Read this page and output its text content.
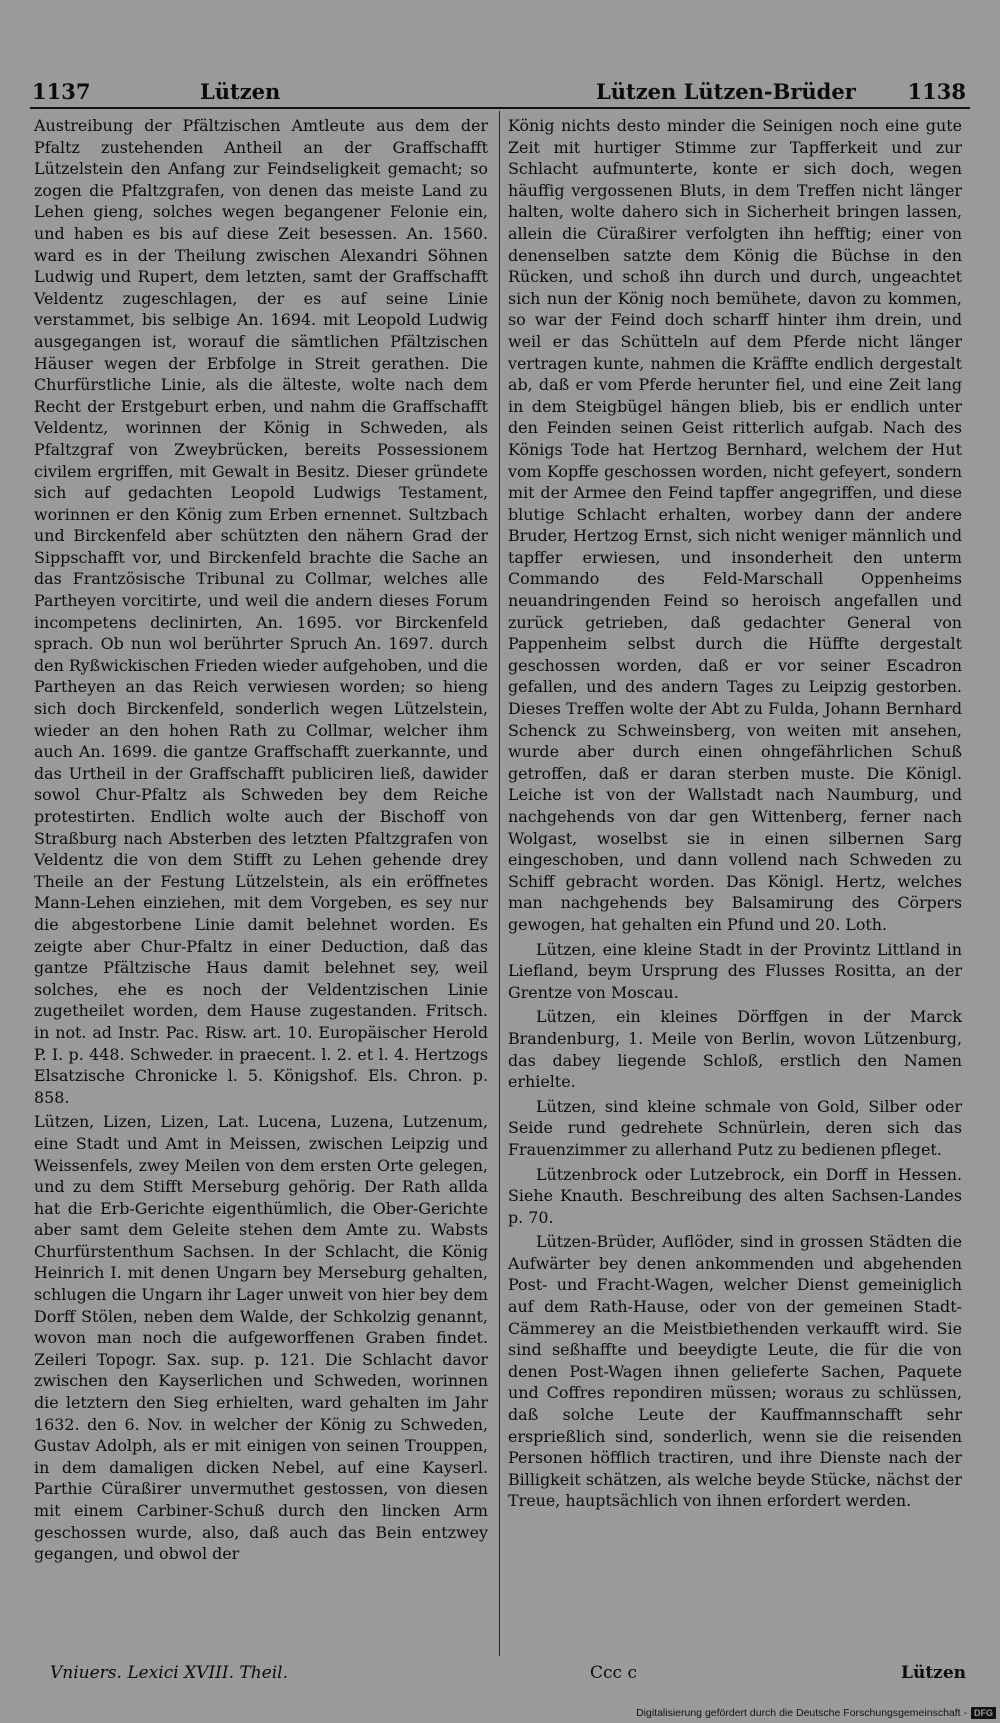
1137	Lützen	Lützen Lützen-Brüder 1138

Austreibung der Pfältzischen Amtleute aus dem der Pfaltz zustehenden Antheil an der Graffschafft Lützelstein den Anfang zur Feindseligkeit gemacht; so zogen die Pfaltzgrafen, von denen das meiste Land zu Lehen gieng, solches wegen begangener Felonie ein, und haben es bis auf diese Zeit besessen. An. 1560. ward es in der Theilung zwischen Alexandri Söhnen Ludwig und Rupert, dem letzten, samt der Graffschafft Veldentz zugeschlagen, der es auf seine Linie verstammet, bis selbige An. 1694. mit Leopold Ludwig ausgegangen ist, worauf die sämtlichen Pfältzischen Häuser wegen der Erbfolge in Streit gerathen. Die Churfürstliche Linie, als die älteste, wolte nach dem Recht der Erstgeburt erben, und nahm die Graffschafft Veldentz, worinnen der König in Schweden, als Pfaltzgraf von Zweybrücken, bereits Possessionem civilem ergriffen, mit Gewalt in Besitz. Dieser gründete sich auf gedachten Leopold Ludwigs Testament, worinnen er den König zum Erben ernennet. Sultzbach und Birckenfeld aber schützten den nähern Grad der Sippschafft vor, und Birckenfeld brachte die Sache an das Frantzösische Tribunal zu Collmar, welches alle Partheyen vorcitirte, und weil die andern dieses Forum incompetens declinirten, An. 1695. vor Birckenfeld sprach. Ob nun wol berührter Spruch An. 1697. durch den Ryßwickischen Frieden wieder aufgehoben, und die Partheyen an das Reich verwiesen worden; so hieng sich doch Birckenfeld, sonderlich wegen Lützelstein, wieder an den hohen Rath zu Collmar, welcher ihm auch An. 1699. die gantze Graffschafft zuerkannte, und das Urtheil in der Graffschafft publiciren ließ, dawider sowol Chur-Pfaltz als Schweden bey dem Reiche protestirten. Endlich wolte auch der Bischoff von Straßburg nach Absterben des letzten Pfaltzgrafen von Veldentz die von dem Stifft zu Lehen gehende drey Theile an der Festung Lützelstein, als ein eröffnetes Mann-Lehen einziehen, mit dem Vorgeben, es sey nur die abgestorbene Linie damit belehnet worden. Es zeigte aber Chur-Pfaltz in einer Deduction, daß das gantze Pfältzische Haus damit belehnet sey, weil solches, ehe es noch der Veldentzischen Linie zugetheilet worden, dem Hause zugestanden. Fritsch. in not. ad Instr. Pac. Risw. art. 10. Europäischer Herold P. I. p. 448. Schweder. in praecent. l. 2. et l. 4. Hertzogs Elsatzische Chronicke l. 5. Königshof. Els. Chron. p. 858.

Lützen, Lizen, Lizen, Lat. Lucena, Luzena, Lutzenum, eine Stadt und Amt in Meissen, zwischen Leipzig und Weissenfels, zwey Meilen von dem ersten Orte gelegen, und zu dem Stifft Merseburg gehörig. Der Rath allda hat die Erb-Gerichte eigenthümlich, die Ober-Gerichte aber samt dem Geleite stehen dem Amte zu. Wabsts Churfürstenthum Sachsen. In der Schlacht, die König Heinrich I. mit denen Ungarn bey Merseburg gehalten, schlugen die Ungarn ihr Lager unweit von hier bey dem Dorff Stölen, neben dem Walde, der Schkolzig genannt, wovon man noch die aufgeworffenen Graben findet. Zeileri Topogr. Sax. sup. p. 121. Die Schlacht davor zwischen den Kayserlichen und Schweden, worinnen die letztern den Sieg erhielten, ward gehalten im Jahr 1632. den 6. Nov. in welcher der König zu Schweden, Gustav Adolph, als er mit einigen von seinen Trouppen, in dem damaligen dicken Nebel, auf eine Kayserl. Parthie Cüraßirer unvermuthet gestossen, von diesen mit einem Carbiner-Schuß durch den lincken Arm geschossen wurde, also, daß auch das Bein entzwey gegangen, und obwol der

König nichts desto minder die Seinigen noch eine gute Zeit mit hurtiger Stimme zur Tapfferkeit und zur Schlacht aufmunterte, konte er sich doch, wegen häuffig vergossenen Bluts, in dem Treffen nicht länger halten, wolte dahero sich in Sicherheit bringen lassen, allein die Cüraßirer verfolgten ihn hefftig; einer von denenselben satzte dem König die Büchse in den Rücken, und schoß ihn durch und durch, ungeachtet sich nun der König noch bemühete, davon zu kommen, so war der Feind doch scharff hinter ihm drein, und weil er das Schütteln auf dem Pferde nicht länger vertragen kunte, nahmen die Kräffte endlich dergestalt ab, daß er vom Pferde herunter fiel, und eine Zeit lang in dem Steigbügel hängen blieb, bis er endlich unter den Feinden seinen Geist ritterlich aufgab. Nach des Königs Tode hat Hertzog Bernhard, welchem der Hut vom Kopffe geschossen worden, nicht gefeyert, sondern mit der Armee den Feind tapffer angegriffen, und diese blutige Schlacht erhalten, worbey dann der andere Bruder, Hertzog Ernst, sich nicht weniger männlich und tapffer erwiesen, und insonderheit den unterm Commando des Feld-Marschall Oppenheims neuandringenden Feind so heroisch angefallen und zurück getrieben, daß gedachter General von Pappenheim selbst durch die Hüffte dergestalt geschossen worden, daß er vor seiner Escadron gefallen, und des andern Tages zu Leipzig gestorben. Dieses Treffen wolte der Abt zu Fulda, Johann Bernhard Schenck zu Schweinsberg, von weiten mit ansehen, wurde aber durch einen ohngefährlichen Schuß getroffen, daß er daran sterben muste. Die Königl. Leiche ist von der Wallstadt nach Naumburg, und nachgehends von dar gen Wittenberg, ferner nach Wolgast, woselbst sie in einen silbernen Sarg eingeschoben, und dann vollend nach Schweden zu Schiff gebracht worden. Das Königl. Hertz, welches man nachgehends bey Balsamirung des Cörpers gewogen, hat gehalten ein Pfund und 20. Loth.

Lützen, eine kleine Stadt in der Provintz Littland in Liefland, beym Ursprung des Flusses Rositta, an der Grentze von Moscau.

Lützen, ein kleines Dörffgen in der Marck Brandenburg, 1. Meile von Berlin, wovon Lützenburg, das dabey liegende Schloß, erstlich den Namen erhielte.

Lützen, sind kleine schmale von Gold, Silber oder Seide rund gedrehete Schnürlein, deren sich das Frauenzimmer zu allerhand Putz zu bedienen pfleget.

Lützenbrock oder Lutzebrock, ein Dorff in Hessen. Siehe Knauth. Beschreibung des alten Sachsen-Landes p. 70.

Lützen-Brüder, Auflöder, sind in grossen Städten die Aufwärter bey denen ankommenden und abgehenden Post- und Fracht-Wagen, welcher Dienst gemeiniglich auf dem Rath-Hause, oder von der gemeinen Stadt-Cämmerey an die Meistbiethenden verkaufft wird. Sie sind seßhaffte und beeydigte Leute, die für die von denen Post-Wagen ihnen gelieferte Sachen, Paquete und Coffres repondiren müssen; woraus zu schlüssen, daß solche Leute der Kauffmannschafft sehr ersprießlich sind, sonderlich, wenn sie die reisenden Personen höfflich tractiren, und ihre Dienste nach der Billigkeit schätzen, als welche beyde Stücke, nächst der Treue, hauptsächlich von ihnen erfordert werden.

Vniuers. Lexici XVIII. Theil.	Ccc c	Lützen
Digitalisierung gefördert durch die Deutsche Forschungsgemeinschaft - DFG
